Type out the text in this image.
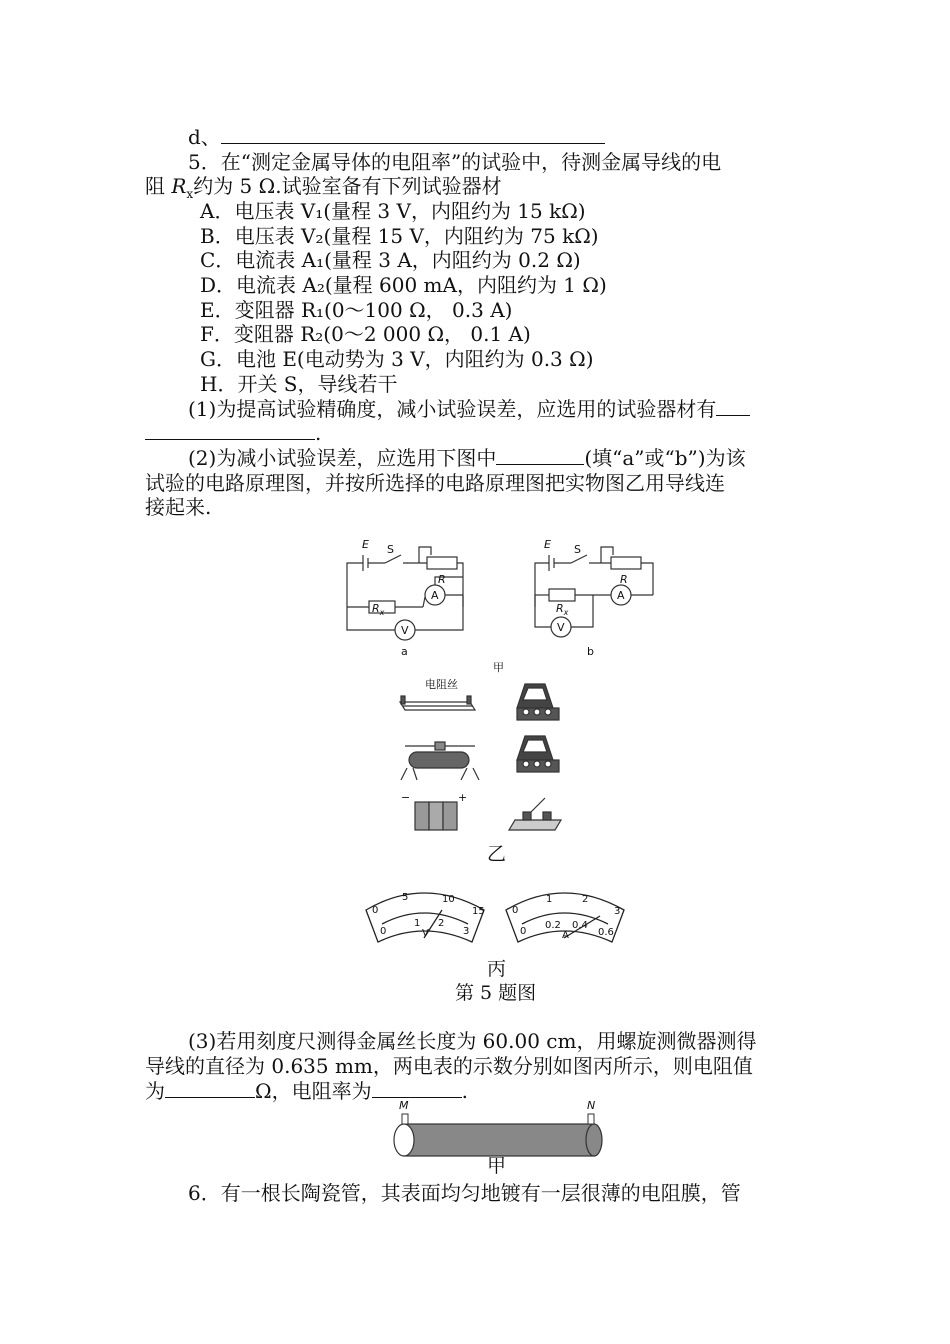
d、
5．在“测定金属导体的电阻率”的试验中，待测金属导线的电
阻 $R_x$约为 5 Ω.试验室备有下列试验器材
A．电压表 V₁(量程 3 V，内阻约为 15 kΩ)
B．电压表 V₂(量程 15 V，内阻约为 75 kΩ)
C．电流表 A₁(量程 3 A，内阻约为 0.2 Ω)
D．电流表 A₂(量程 600 mA，内阻约为 1 Ω)
E．变阻器 R₁(0～100 Ω， 0.3 A)
F．变阻器 R₂(0～2 000 Ω， 0.1 A)
G．电池 E(电动势为 3 V，内阻约为 0.3 Ω)
H．开关 S，导线若干
(1)为提高试验精确度，减小试验误差，应选用的试验器材有
.
(2)为减小试验误差，应选用下图中	(填“a”或“b”)为该
试验的电路原理图，并按所选择的电路原理图把实物图乙用导线连
接起来.
E S
R
$R_x$
A
V
a
E S
R
$R_x$
A
V
b
甲
电阻丝
−	+
乙
0
5	10
15
0
1 2
3
V
0
1	2
3
0
0.2 0.4
0.6
A
丙
第 5 题图
(3)若用刻度尺测得金属丝长度为 60.00 cm，用螺旋测微器测得
导线的直径为 0.635 mm，两电表的示数分别如图丙所示，则电阻值
为	Ω，电阻率为	.
M	N
甲
6．有一根长陶瓷管，其表面均匀地镀有一层很薄的电阻膜，管
